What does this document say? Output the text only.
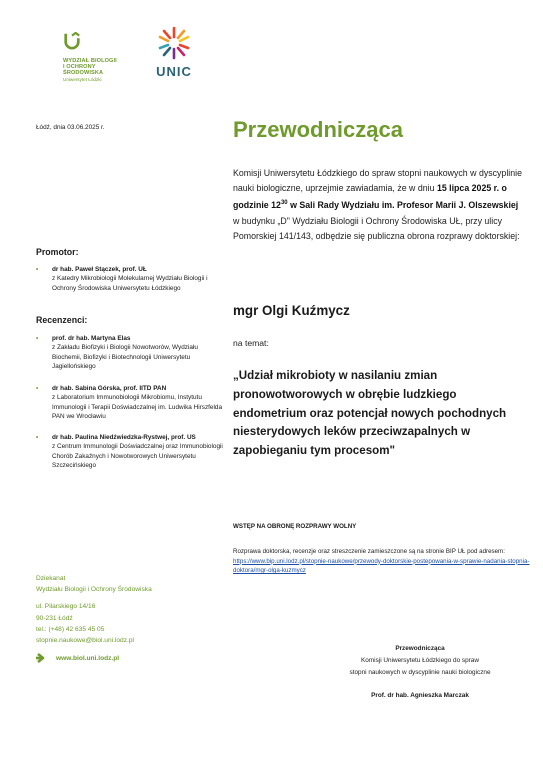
WYDZIAŁ BIOLOGII
I OCHRONY
ŚRODOWISKA
Uniwersytet Łódzki
UNIC
Łódź, dnia 03.06.2025 r.	Przewodnicząca
Komisji Uniwersytetu Łódzkiego do spraw stopni naukowych w dyscyplinie nauki biologiczne, uprzejmie zawiadamia, że w dniu 15 lipca 2025 r. o godzinie $12^{30}$ w Sali Rady Wydziału im. Profesor Marii J. Olszewskiej w budynku „D" Wydziału Biologii i Ochrony Środowiska UŁ, przy ulicy Pomorskiej 141/143, odbędzie się publiczna obrona rozprawy doktorskiej:
mgr Olgi Kuźmycz
na temat:
„Udział mikrobioty w nasilaniu zmian pronowotworowych w obrębie ludzkiego endometrium oraz potencjał nowych pochodnych niesterydowych leków przeciwzapalnych w zapobieganiu tym procesom"
Promotor:
• dr hab. Paweł Stączek, prof. UŁ
z Katedry Mikrobiologii Molekularnej Wydziału Biologii i Ochrony Środowiska Uniwersytetu Łódzkiego
Recenzenci:
• prof. dr hab. Martyna Elas
z Zakładu Biofizyki i Biologii Nowotworów, Wydziału Biochemii, Biofizyki i Biotechnologii Uniwersytetu Jagiellońskiego
• dr hab. Sabina Górska, prof. IITD PAN
z Laboratorium Immunobiologii Mikrobiomu, Instytutu Immunologii i Terapii Doświadczalnej im. Ludwika Hirszfelda PAN we Wrocławiu
• dr hab. Paulina Niedźwiedzka-Rystwej, prof. US
z Centrum Immunologii Doświadczalnej oraz Immunobiologii Chorób Zakaźnych i Nowotworowych Uniwersytetu Szczecińskiego
WSTĘP NA OBRONĘ ROZPRAWY WOLNY
Rozprawa doktorska, recenzje oraz streszczenie zamieszczone są na stronie BIP UŁ pod adresem: https://www.bip.uni.lodz.pl/stopnie-naukowe/przewody-doktorskie-postepowania-w-sprawie-nadania-stopnia-doktora/mgr-olga-kuzmycz
Dziekanat
Wydziału Biologii i Ochrony Środowiska
ul. Pilarskiego 14/16
90-231 Łódź
tel.: (+48) 42 635 45 05
stopnie.naukowe@biol.uni.lodz.pl
www.biol.uni.lodz.pl
Przewodnicząca
Komisji Uniwersytetu Łódzkiego do spraw
stopni naukowych w dyscyplinie nauki biologiczne
Prof. dr hab. Agnieszka Marczak
